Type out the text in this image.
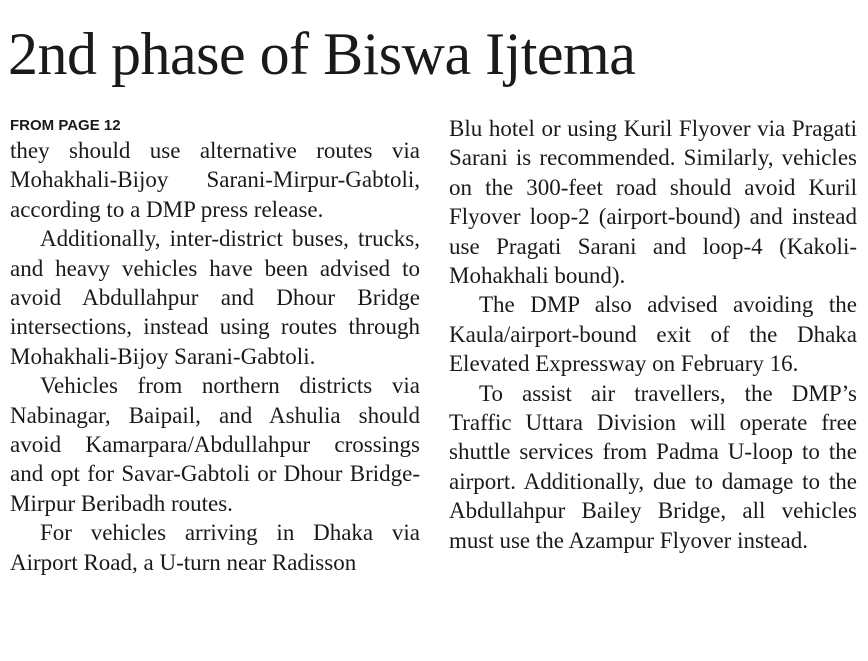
2nd phase of Biswa Ijtema
FROM PAGE 12

they should use alternative routes via Mohakhali-Bijoy Sarani-Mirpur-Gabtoli, according to a DMP press release.

Additionally, inter-district buses, trucks, and heavy vehicles have been advised to avoid Abdullahpur and Dhour Bridge intersections, instead using routes through Mohakhali-Bijoy Sarani-Gabtoli.

Vehicles from northern districts via Nabinagar, Baipail, and Ashulia should avoid Kamarpara/Abdullahpur crossings and opt for Savar-Gabtoli or Dhour Bridge-Mirpur Beribadh routes.

For vehicles arriving in Dhaka via Airport Road, a U-turn near Radisson

Blu hotel or using Kuril Flyover via Pragati Sarani is recommended. Similarly, vehicles on the 300-feet road should avoid Kuril Flyover loop-2 (airport-bound) and instead use Pragati Sarani and loop-4 (Kakoli-Mohakhali bound).

The DMP also advised avoiding the Kaula/airport-bound exit of the Dhaka Elevated Expressway on February 16.

To assist air travellers, the DMP’s Traffic Uttara Division will operate free shuttle services from Padma U-loop to the airport. Additionally, due to damage to the Abdullahpur Bailey Bridge, all vehicles must use the Azampur Flyover instead.
